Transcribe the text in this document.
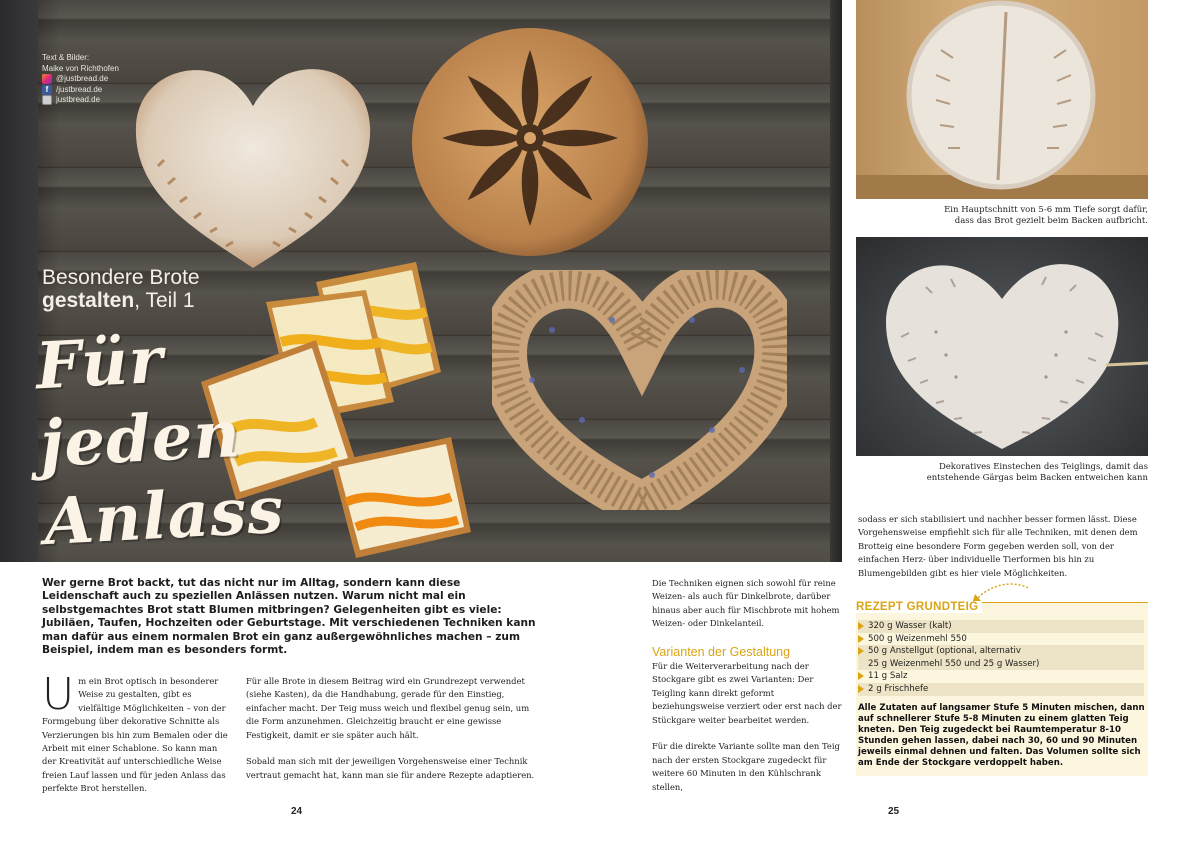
Text & Bilder:
Maike von Richthofen
@justbread.de
f /justbread.de
justbread.de
Besondere Brote
gestalten, Teil 1
Für
jeden
Anlass
Ein Hauptschnitt von 5-6 mm Tiefe sorgt dafür,
dass das Brot gezielt beim Backen aufbricht.
Dekoratives Einstechen des Teiglings, damit das
entstehende Gärgas beim Backen entweichen kann
Wer gerne Brot backt, tut das nicht nur im Alltag, sondern kann diese Leidenschaft auch zu speziellen Anlässen nutzen. Warum nicht mal ein selbstgemachtes Brot statt Blumen mitbringen? Gelegenheiten gibt es viele: Jubiläen, Taufen, Hochzeiten oder Geburtstage. Mit verschiedenen Techniken kann man dafür aus einem normalen Brot ein ganz außergewöhnliches machen – zum Beispiel, indem man es besonders formt.

Um ein Brot optisch in besonderer Weise zu gestalten, gibt es vielfältige Möglichkeiten – von der Formgebung über dekorative Schnitte als Verzierungen bis hin zum Bemalen oder die Arbeit mit einer Schablone. So kann man der Kreativität auf unterschiedliche Weise freien Lauf lassen und für jeden Anlass das perfekte Brot herstellen.

Für alle Brote in diesem Beitrag wird ein Grundrezept verwendet (siehe Kasten), da die Handhabung, gerade für den Einstieg, einfacher macht. Der Teig muss weich und flexibel genug sein, um die Form anzunehmen. Gleichzeitig braucht er eine gewisse Festigkeit, damit er sie später auch hält.

Sobald man sich mit der jeweiligen Vorgehensweise einer Technik vertraut gemacht hat, kann man sie für andere Rezepte adaptieren.

Die Techniken eignen sich sowohl für reine Weizen- als auch für Dinkelbrote, darüber hinaus aber auch für Mischbrote mit hohem Weizen- oder Dinkelanteil.

Varianten der Gestaltung

Für die Weiterverarbeitung nach der Stockgare gibt es zwei Varianten: Der Teigling kann direkt geformt beziehungsweise verziert oder erst nach der Stückgare weiter bearbeitet werden.

Für die direkte Variante sollte man den Teig nach der ersten Stockgare zugedeckt für weitere 60 Minuten in den Kühlschrank stellen,

sodass er sich stabilisiert und nachher besser formen lässt. Diese Vorgehensweise empfiehlt sich für alle Techniken, mit denen dem Brotteig eine besondere Form gegeben werden soll, von der einfachen Herz- über individuelle Tierformen bis hin zu Blumengebilden gibt es hier viele Möglichkeiten.

REZEPT GRUNDTEIG
320 g Wasser (kalt)
500 g Weizenmehl 550
50 g Anstellgut (optional, alternativ
25 g Weizenmehl 550 und 25 g Wasser)
11 g Salz
2 g Frischhefe
Alle Zutaten auf langsamer Stufe 5 Minuten mischen, dann auf schnellerer Stufe 5-8 Minuten zu einem glatten Teig kneten. Den Teig zugedeckt bei Raumtemperatur 8-10 Stunden gehen lassen, dabei nach 30, 60 und 90 Minuten jeweils einmal dehnen und falten. Das Volumen sollte sich am Ende der Stockgare verdoppelt haben.
24	25
